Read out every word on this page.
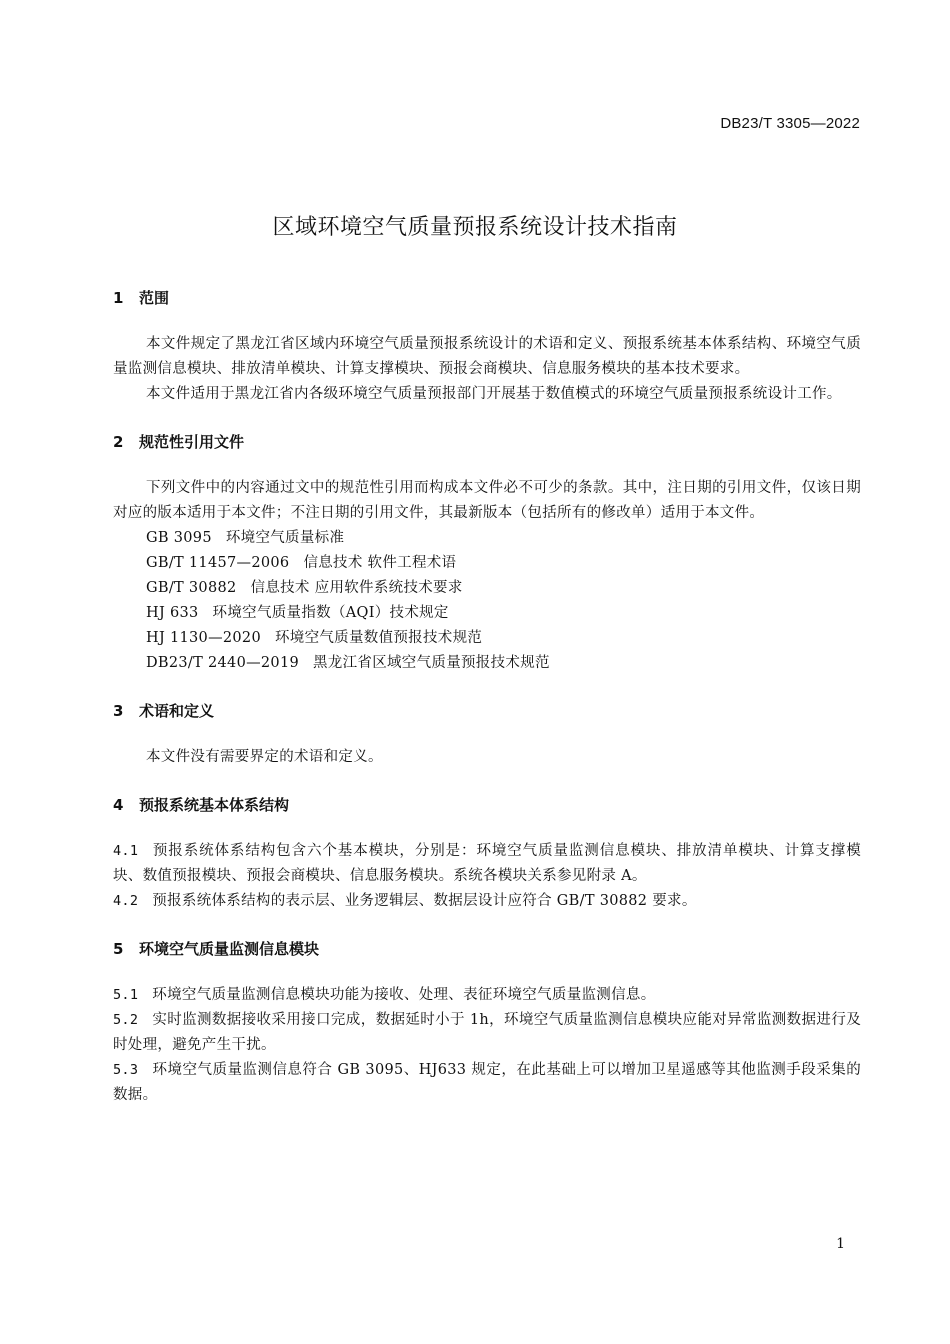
DB23/T 3305—2022
区域环境空气质量预报系统设计技术指南
1 范围

本文件规定了黑龙江省区域内环境空气质量预报系统设计的术语和定义、预报系统基本体系结构、环境空气质量监测信息模块、排放清单模块、计算支撑模块、预报会商模块、信息服务模块的基本技术要求。

本文件适用于黑龙江省内各级环境空气质量预报部门开展基于数值模式的环境空气质量预报系统设计工作。

2 规范性引用文件

下列文件中的内容通过文中的规范性引用而构成本文件必不可少的条款。其中，注日期的引用文件，仅该日期对应的版本适用于本文件；不注日期的引用文件，其最新版本（包括所有的修改单）适用于本文件。

GB 3095 环境空气质量标准
GB/T 11457—2006 信息技术 软件工程术语
GB/T 30882 信息技术 应用软件系统技术要求
HJ 633 环境空气质量指数（AQI）技术规定
HJ 1130—2020 环境空气质量数值预报技术规范
DB23/T 2440—2019 黑龙江省区域空气质量预报技术规范
3 术语和定义

本文件没有需要界定的术语和定义。

4 预报系统基本体系结构

4.1 预报系统体系结构包含六个基本模块，分别是：环境空气质量监测信息模块、排放清单模块、计算支撑模块、数值预报模块、预报会商模块、信息服务模块。系统各模块关系参见附录 A。

4.2 预报系统体系结构的表示层、业务逻辑层、数据层设计应符合 GB/T 30882 要求。

5 环境空气质量监测信息模块

5.1 环境空气质量监测信息模块功能为接收、处理、表征环境空气质量监测信息。

5.2 实时监测数据接收采用接口完成，数据延时小于 1h，环境空气质量监测信息模块应能对异常监测数据进行及时处理，避免产生干扰。

5.3 环境空气质量监测信息符合 GB 3095、HJ633 规定，在此基础上可以增加卫星遥感等其他监测手段采集的数据。

1
